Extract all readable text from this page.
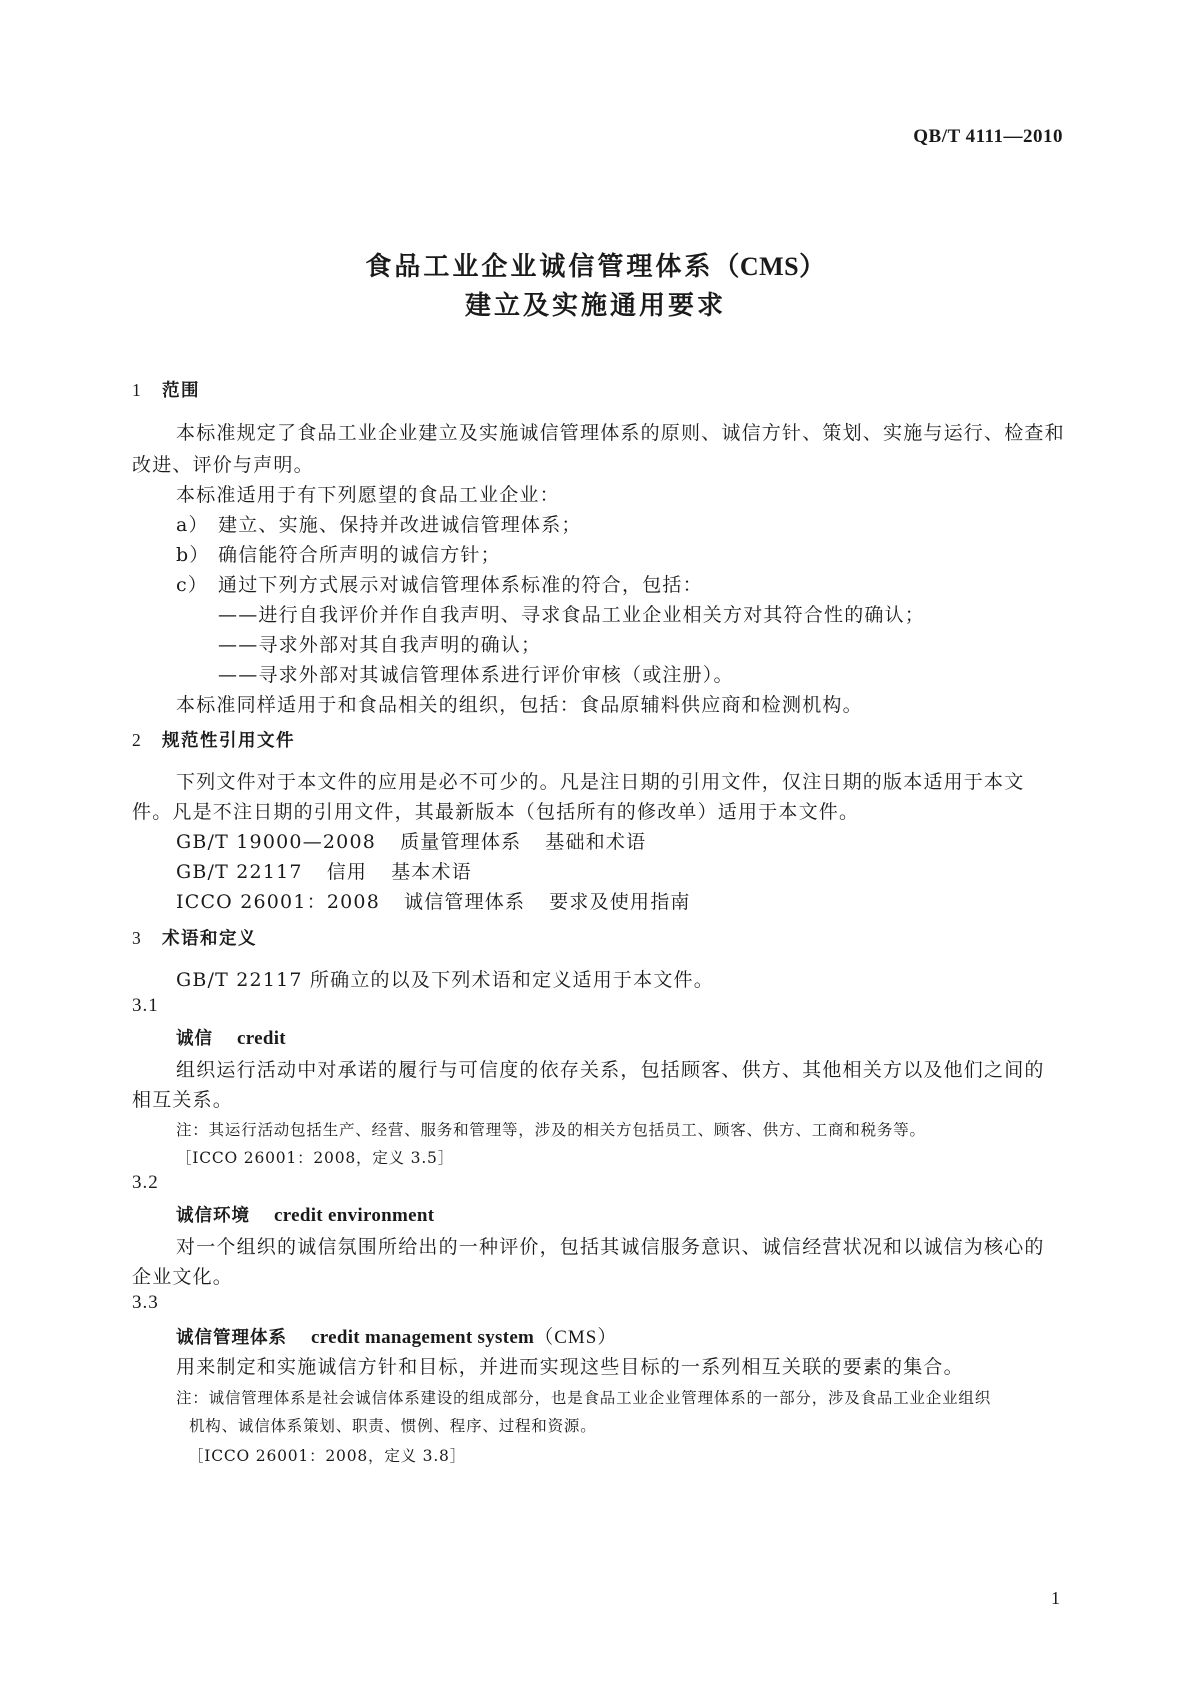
QB/T 4111—2010
食品工业企业诚信管理体系（CMS）
建立及实施通用要求
1 范围
本标准规定了食品工业企业建立及实施诚信管理体系的原则、诚信方针、策划、实施与运行、检查和
改进、评价与声明。
本标准适用于有下列愿望的食品工业企业：
a） 建立、实施、保持并改进诚信管理体系；
b） 确信能符合所声明的诚信方针；
c） 通过下列方式展示对诚信管理体系标准的符合，包括：
——进行自我评价并作自我声明、寻求食品工业企业相关方对其符合性的确认；
——寻求外部对其自我声明的确认；
——寻求外部对其诚信管理体系进行评价审核（或注册）。
本标准同样适用于和食品相关的组织，包括：食品原辅料供应商和检测机构。
2 规范性引用文件
下列文件对于本文件的应用是必不可少的。凡是注日期的引用文件，仅注日期的版本适用于本文
件。凡是不注日期的引用文件，其最新版本（包括所有的修改单）适用于本文件。
GB/T 19000—2008 质量管理体系 基础和术语
GB/T 22117 信用 基本术语
ICCO 26001：2008 诚信管理体系 要求及使用指南
3 术语和定义
GB/T 22117 所确立的以及下列术语和定义适用于本文件。
3.1
诚信 credit
组织运行活动中对承诺的履行与可信度的依存关系，包括顾客、供方、其他相关方以及他们之间的
相互关系。
注：其运行活动包括生产、经营、服务和管理等，涉及的相关方包括员工、顾客、供方、工商和税务等。
［ICCO 26001：2008，定义 3.5］
3.2
诚信环境 credit environment
对一个组织的诚信氛围所给出的一种评价，包括其诚信服务意识、诚信经营状况和以诚信为核心的
企业文化。
3.3
诚信管理体系 credit management system（CMS）
用来制定和实施诚信方针和目标，并进而实现这些目标的一系列相互关联的要素的集合。
注：诚信管理体系是社会诚信体系建设的组成部分，也是食品工业企业管理体系的一部分，涉及食品工业企业组织
机构、诚信体系策划、职责、惯例、程序、过程和资源。
［ICCO 26001：2008，定义 3.8］
1
